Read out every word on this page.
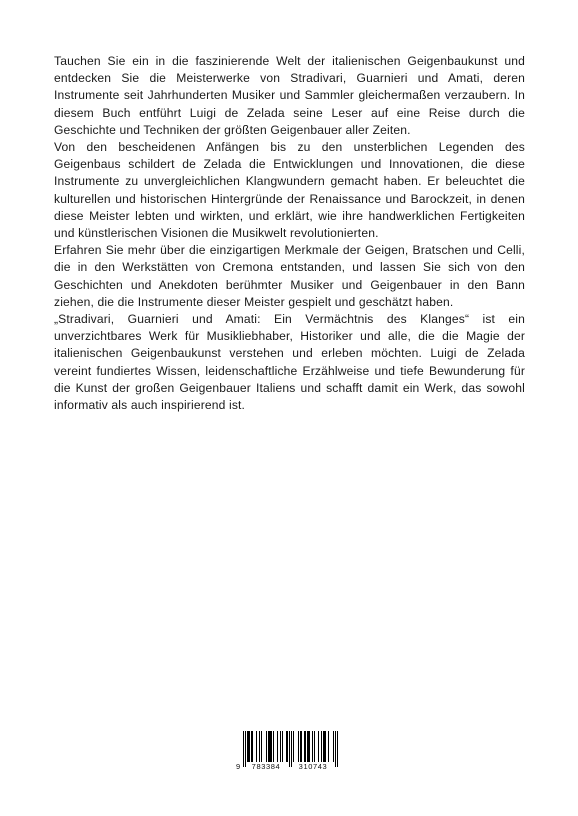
Tauchen Sie ein in die faszinierende Welt der italienischen Geigenbaukunst und entdecken Sie die Meisterwerke von Stradivari, Guarnieri und Amati, deren Instrumente seit Jahrhunderten Musiker und Sammler gleichermaßen verzaubern. In diesem Buch entführt Luigi de Zelada seine Leser auf eine Reise durch die Geschichte und Techniken der größten Geigenbauer aller Zeiten.

Von den bescheidenen Anfängen bis zu den unsterblichen Legenden des Geigenbaus schildert de Zelada die Entwicklungen und Innovationen, die diese Instrumente zu unvergleichlichen Klangwundern gemacht haben. Er beleuchtet die kulturellen und historischen Hintergründe der Renaissance und Barockzeit, in denen diese Meister lebten und wirkten, und erklärt, wie ihre handwerklichen Fertigkeiten und künstlerischen Visionen die Musikwelt revolutionierten.

Erfahren Sie mehr über die einzigartigen Merkmale der Geigen, Bratschen und Celli, die in den Werkstätten von Cremona entstanden, und lassen Sie sich von den Geschichten und Anekdoten berühmter Musiker und Geigenbauer in den Bann ziehen, die die Instrumente dieser Meister gespielt und geschätzt haben.

„Stradivari, Guarnieri und Amati: Ein Vermächtnis des Klanges“ ist ein unverzichtbares Werk für Musikliebhaber, Historiker und alle, die die Magie der italienischen Geigenbaukunst verstehen und erleben möchten. Luigi de Zelada vereint fundiertes Wissen, leidenschaftliche Erzählweise und tiefe Bewunderung für die Kunst der großen Geigenbauer Italiens und schafft damit ein Werk, das sowohl informativ als auch inspirierend ist.

9	783384	310743
